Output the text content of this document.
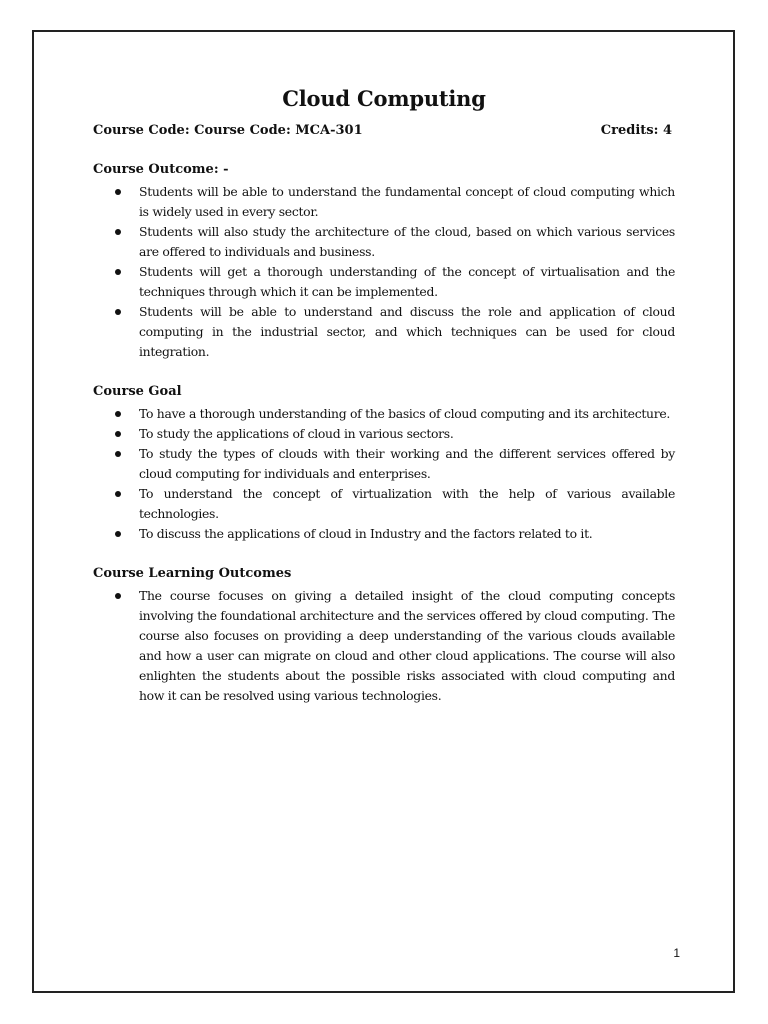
Cloud Computing
Course Code: Course Code: MCA-301	Credits: 4
Course Outcome: -
Students will be able to understand the fundamental concept of cloud computing which is widely used in every sector.
Students will also study the architecture of the cloud, based on which various services are offered to individuals and business.
Students will get a thorough understanding of the concept of virtualisation and the techniques through which it can be implemented.
Students will be able to understand and discuss the role and application of cloud computing in the industrial sector, and which techniques can be used for cloud integration.
Course Goal
To have a thorough understanding of the basics of cloud computing and its architecture.
To study the applications of cloud in various sectors.
To study the types of clouds with their working and the different services offered by cloud computing for individuals and enterprises.
To understand the concept of virtualization with the help of various available technologies.
To discuss the applications of cloud in Industry and the factors related to it.
Course Learning Outcomes
The course focuses on giving a detailed insight of the cloud computing concepts involving the foundational architecture and the services offered by cloud computing. The course also focuses on providing a deep understanding of the various clouds available and how a user can migrate on cloud and other cloud applications. The course will also enlighten the students about the possible risks associated with cloud computing and how it can be resolved using various technologies.
1
